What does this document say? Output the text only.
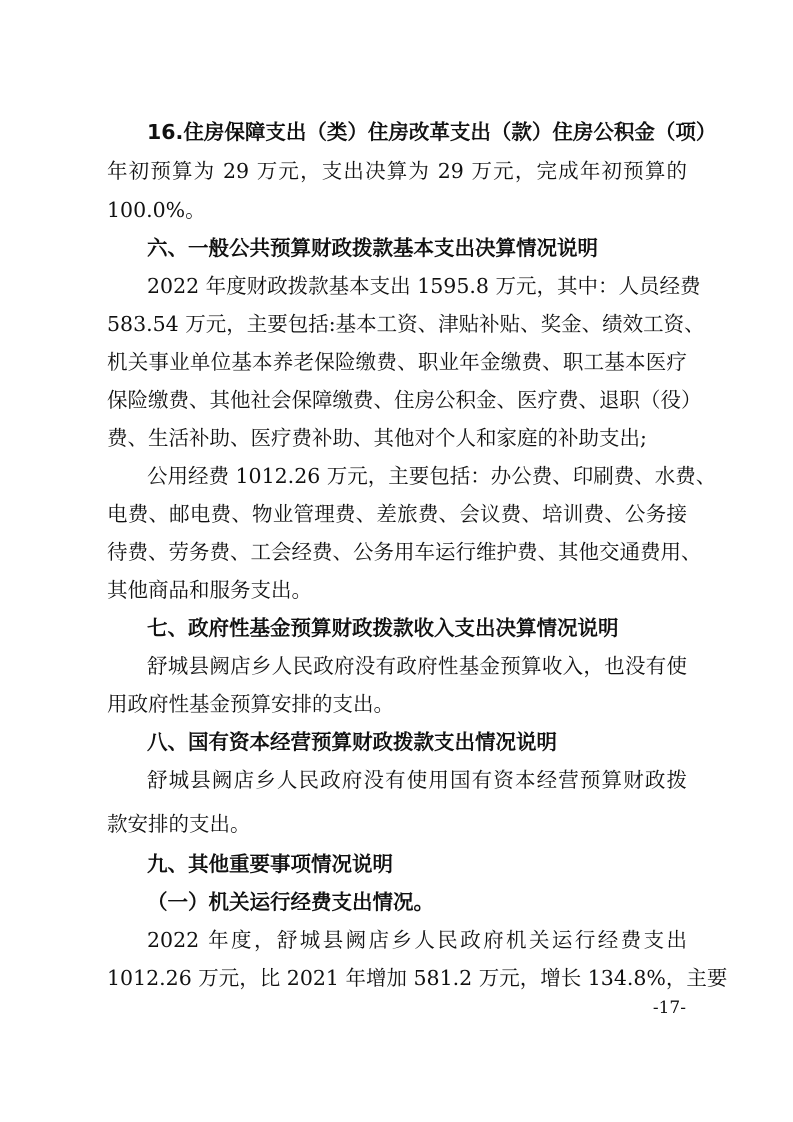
16.住房保障支出（类）住房改革支出（款）住房公积金（项）
年初预算为 29 万元，支出决算为 29 万元，完成年初预算的
100.0%。
六、一般公共预算财政拨款基本支出决算情况说明
2022 年度财政拨款基本支出 1595.8 万元，其中：人员经费
583.54 万元，主要包括:基本工资、津贴补贴、奖金、绩效工资、
机关事业单位基本养老保险缴费、职业年金缴费、职工基本医疗
保险缴费、其他社会保障缴费、住房公积金、医疗费、退职（役）
费、生活补助、医疗费补助、其他对个人和家庭的补助支出;
公用经费 1012.26 万元，主要包括：办公费、印刷费、水费、
电费、邮电费、物业管理费、差旅费、会议费、培训费、公务接
待费、劳务费、工会经费、公务用车运行维护费、其他交通费用、
其他商品和服务支出。
七、政府性基金预算财政拨款收入支出决算情况说明
舒城县阙店乡人民政府没有政府性基金预算收入，也没有使
用政府性基金预算安排的支出。
八、国有资本经营预算财政拨款支出情况说明
舒城县阙店乡人民政府没有使用国有资本经营预算财政拨
款安排的支出。
九、其他重要事项情况说明
（一）机关运行经费支出情况。
2022 年度，舒城县阙店乡人民政府机关运行经费支出
1012.26 万元，比 2021 年增加 581.2 万元，增长 134.8%，主要
-17-
